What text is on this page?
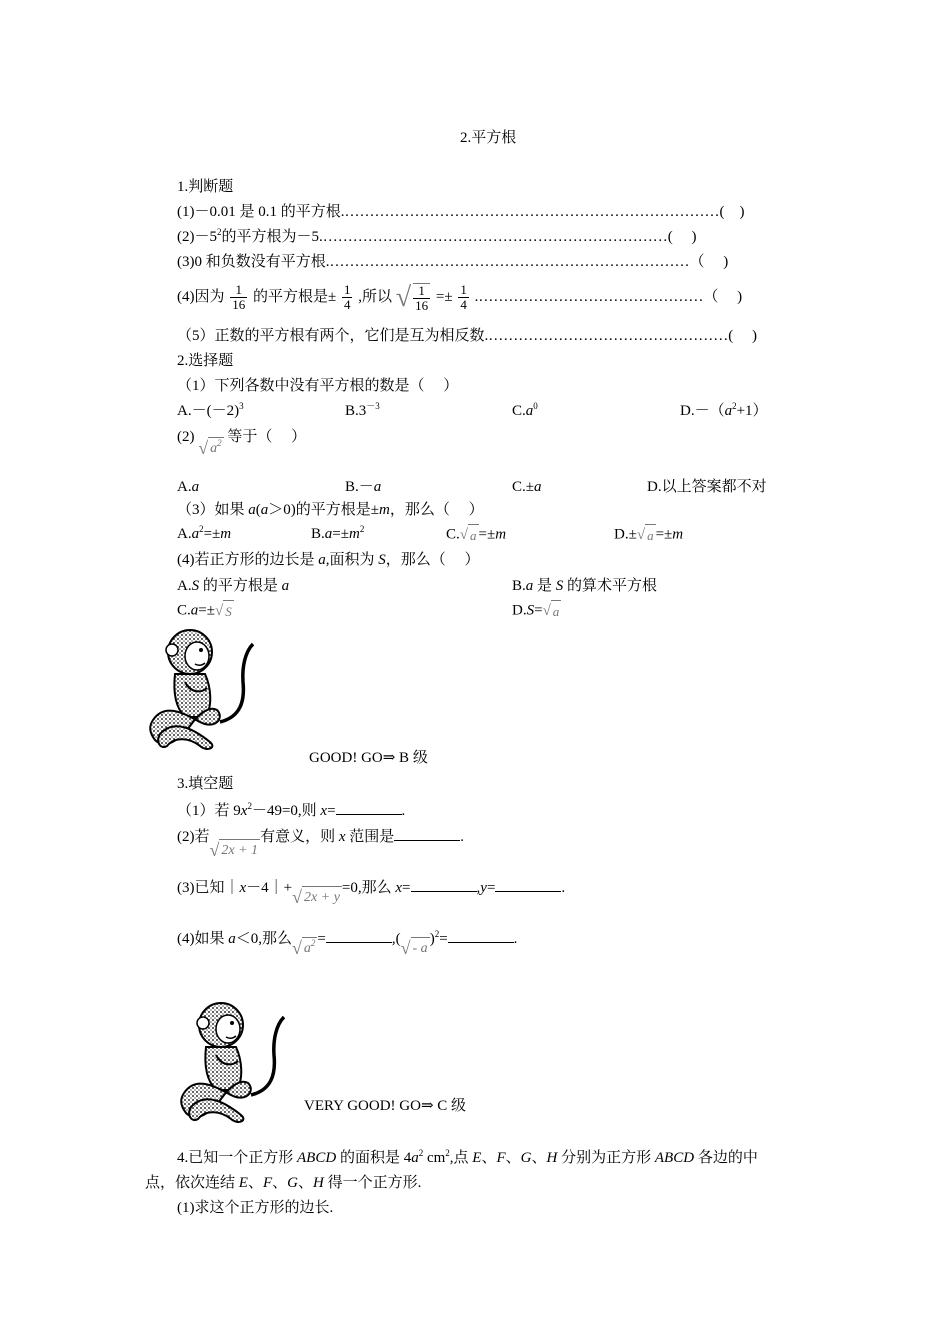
2.平方根
1.判断题
(1)－0.01 是 0.1 的平方根.…………………………………………………………………(　)
$(2)-5^2$的平方根为－5.……………………………………………………………(　 )
(3)0 和负数没有平方根.………………………………………………………………（　 )
(4)因为 $\frac{1}{16}$ 的平方根是± $\frac{1}{4}$ ,所以 √ $\frac{1}{16} =\pm \frac{1}{4}$ .………………………………………（　 )
（5）正数的平方根有两个，它们是互为相反数.…………………………………………(　 )
2.选择题
（1）下列各数中没有平方根的数是（　 ）
$A.-(-2)^3$	$B.3^{-3}$	$C.a^0$	$D.-(a^2+1)$
(2) √ $a^2$ 等于（　 ）
A.a	B.－a	C.±a	D.以上答案都不对
（3）如果 a(a＞0)的平方根是±m，那么（　 ）
$A.a^2=\pm m$	$B.a=\pm m^2$	C.√ a =±m	D.±√ a =±m
(4)若正方形的边长是 a,面积为 S，那么（　 ）
A.S 的平方根是 a	B.a 是 S 的算术平方根
C.a=±√ S	D.S=√ a
GOOD! GO⇒ B 级
3.填空题
（1）若 $9x^2-49=0$,则 x=	.
(2)若√ 2x + 1有意义，则 x 范围是	.
(3)已知｜x－4｜+√ 2x + y=0,那么 x=	,y=	.
(4)如果 a＜0,那么√ $a^2$ =	,(√ - a)$^2$=	.
VERY GOOD! GO⇒ C 级
4.已知一个正方形 ABCD 的面积是 $4a^2$ $cm^2$,点 E、F、G、H 分别为正方形 ABCD 各边的中
点，依次连结 E、F、G、H 得一个正方形.
(1)求这个正方形的边长.
